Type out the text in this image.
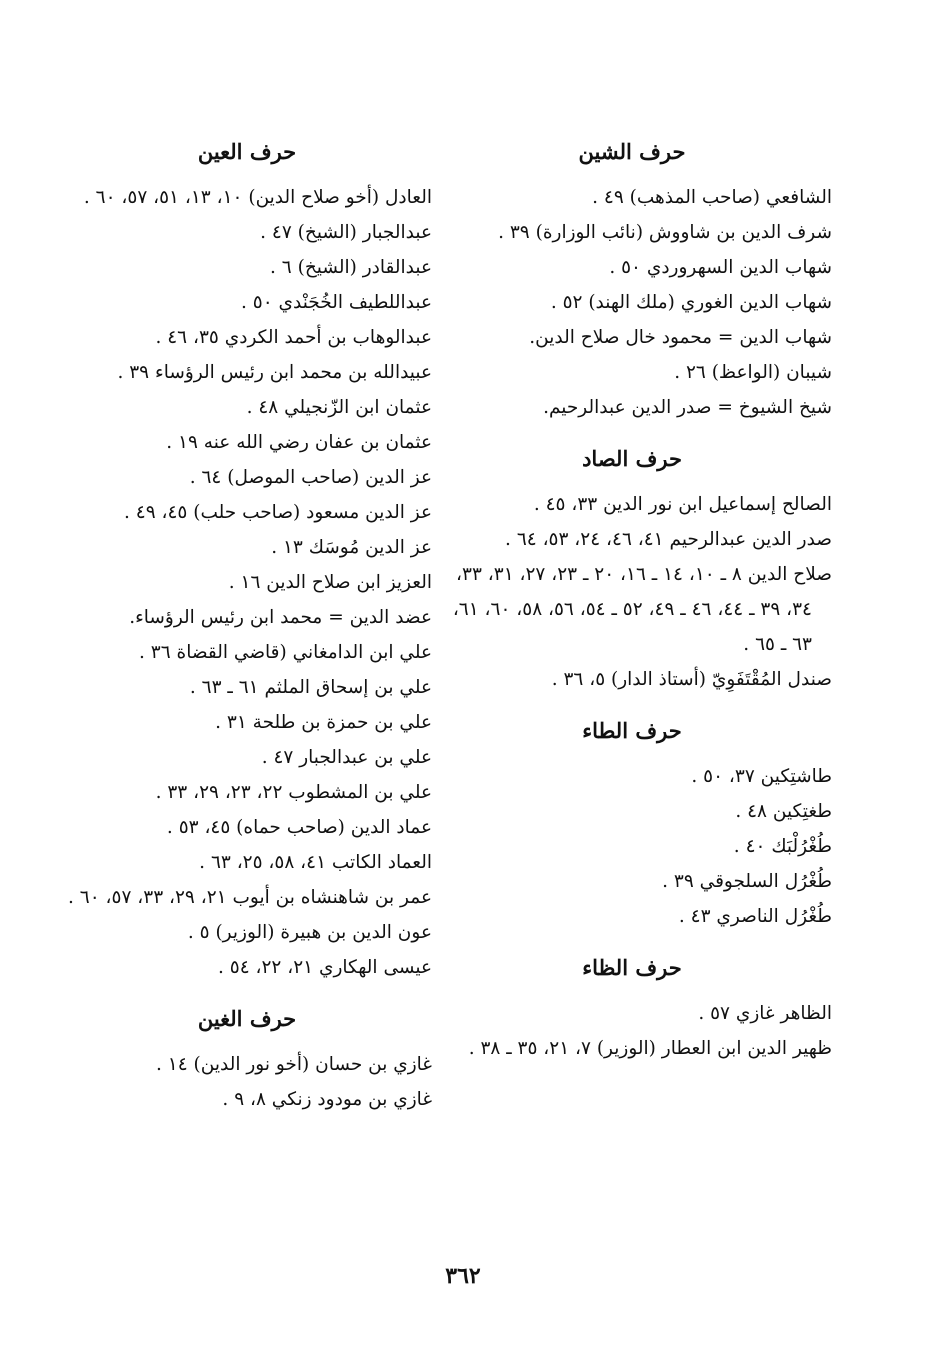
حرف الشين
الشافعي (صاحب المذهب) ٤٩ .
شرف الدين بن شاووش (نائب الوزارة) ٣٩ .
شهاب الدين السهروردي ٥٠ .
شهاب الدين الغوري (ملك الهند) ٥٢ .
شهاب الدين = محمود خال صلاح الدين.
شيبان (الواعظ) ٢٦ .
شيخ الشيوخ = صدر الدين عبدالرحيم.
حرف الصاد
الصالح إسماعيل ابن نور الدين ٣٣، ٤٥ .
صدر الدين عبدالرحيم ٤١، ٤٦، ٢٤، ٥٣، ٦٤ .
صلاح الدين ٨ ـ ١٠، ١٤ ـ ١٦، ٢٠ ـ ٢٣، ٢٧، ٣١، ٣٣، ٣٤، ٣٩ ـ ٤٤، ٤٦ ـ ٤٩، ٥٢ ـ ٥٤، ٥٦، ٥٨، ٦٠، ٦١، ٦٣ ـ ٦٥ .
صندل المُقْتَفَوِيّ (أستاذ الدار) ٥، ٣٦ .
حرف الطاء
طاشتِكين ٣٧، ٥٠ .
طغتِكين ٤٨ .
طُغْرُلْبَك ٤٠ .
طُغْرُل السلجوقي ٣٩ .
طُغْرُل الناصري ٤٣ .
حرف الظاء
الظاهر غازي ٥٧ .
ظهير الدين ابن العطار (الوزير) ٧، ٢١، ٣٥ ـ ٣٨ .
حرف العين
العادل (أخو صلاح الدين) ١٠، ١٣، ٥١، ٥٧، ٦٠ .
عبدالجبار (الشيخ) ٤٧ .
عبدالقادر (الشيخ) ٦ .
عبداللطيف الخُجَنْدي ٥٠ .
عبدالوهاب بن أحمد الكردي ٣٥، ٤٦ .
عبيدالله بن محمد ابن رئيس الرؤساء ٣٩ .
عثمان ابن الزّنجيلي ٤٨ .
عثمان بن عفان رضي الله عنه ١٩ .
عز الدين (صاحب الموصل) ٦٤ .
عز الدين مسعود (صاحب حلب) ٤٥، ٤٩ .
عز الدين مُوسَك ١٣ .
العزيز ابن صلاح الدين ١٦ .
عضد الدين = محمد ابن رئيس الرؤساء.
علي ابن الدامغاني (قاضي القضاة ٣٦ .
علي بن إسحاق الملثم ٦١ ـ ٦٣ .
علي بن حمزة بن طلحة ٣١ .
علي بن عبدالجبار ٤٧ .
علي بن المشطوب ٢٢، ٢٣، ٢٩، ٣٣ .
عماد الدين (صاحب حماه) ٤٥، ٥٣ .
العماد الكاتب ٤١، ٥٨، ٢٥، ٦٣ .
عمر بن شاهنشاه بن أيوب ٢١، ٢٩، ٣٣، ٥٧، ٦٠ .
عون الدين بن هبيرة (الوزير) ٥ .
عيسى الهكاري ٢١، ٢٢، ٥٤ .
حرف الغين
غازي بن حسان (أخو نور الدين) ١٤ .
غازي بن مودود زنكي ٨، ٩ .
٣٦٢
